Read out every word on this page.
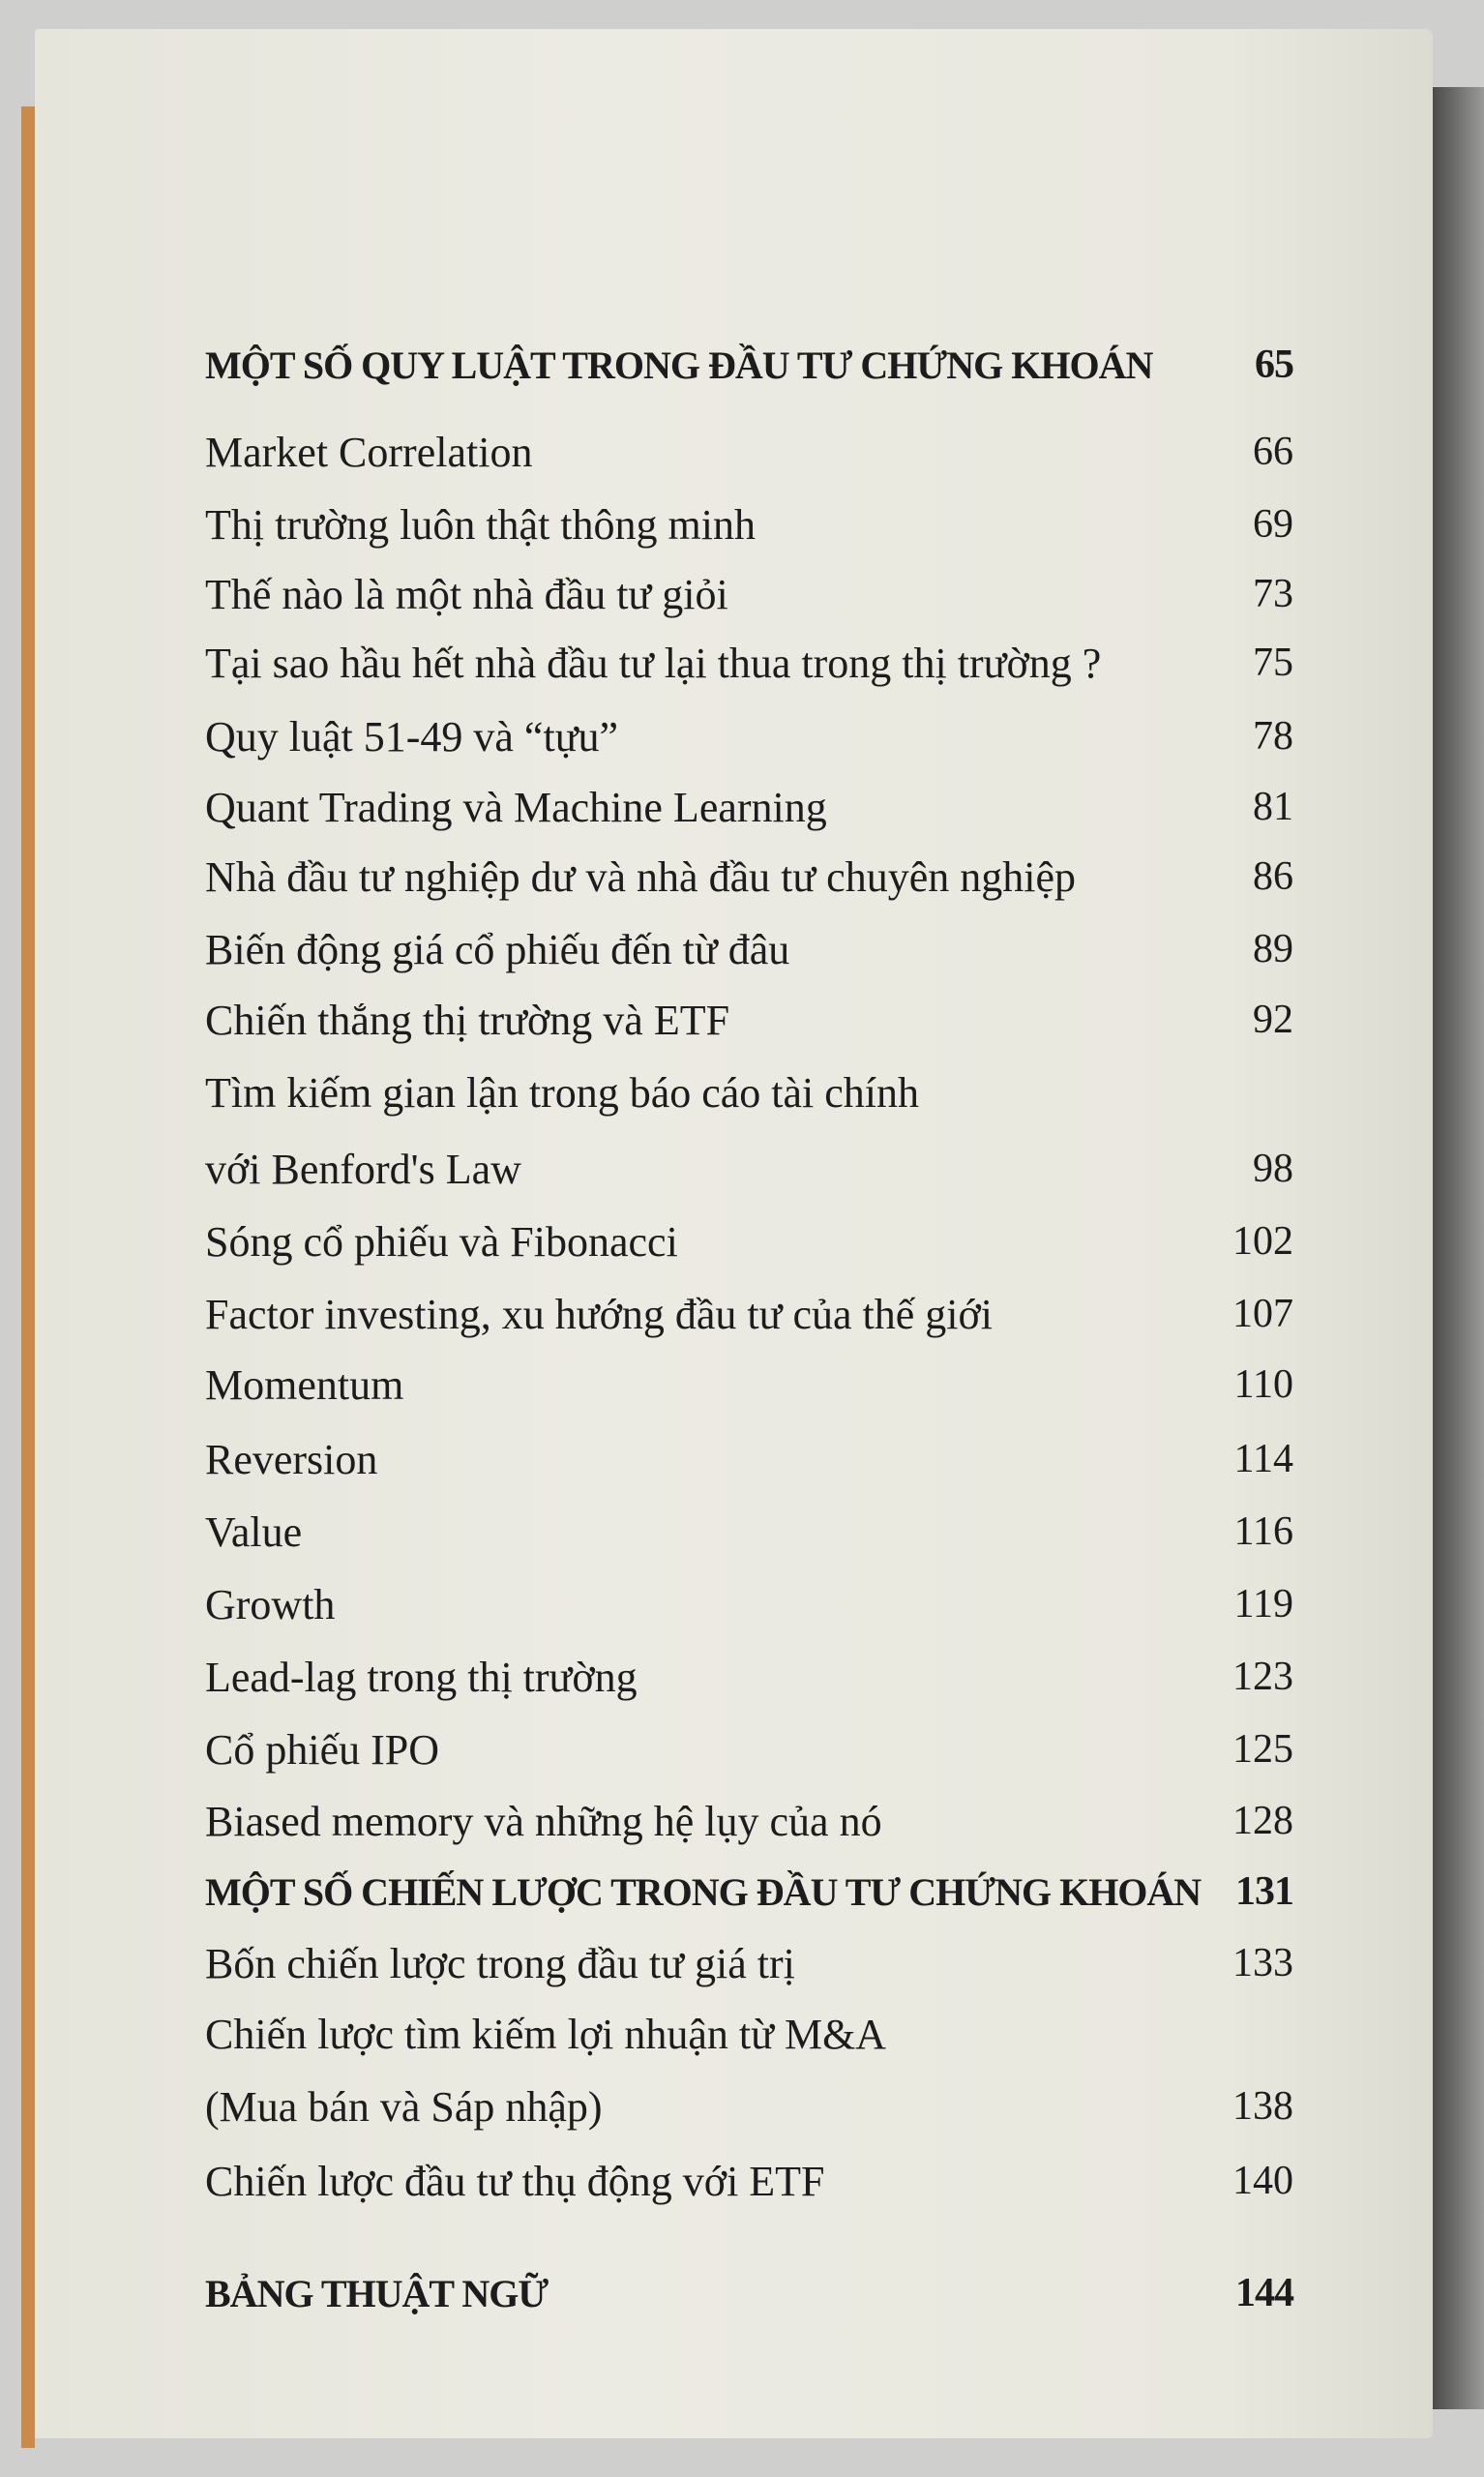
MỘT SỐ QUY LUẬT TRONG ĐẦU TƯ CHỨNG KHOÁN	65
Market Correlation	66
Thị trường luôn thật thông minh	69
Thế nào là một nhà đầu tư giỏi	73
Tại sao hầu hết nhà đầu tư lại thua trong thị trường ?	75
Quy luật 51-49 và “tựu”	78
Quant Trading và Machine Learning	81
Nhà đầu tư nghiệp dư và nhà đầu tư chuyên nghiệp	86
Biến động giá cổ phiếu đến từ đâu	89
Chiến thắng thị trường và ETF	92
Tìm kiếm gian lận trong báo cáo tài chính
với Benford's Law	98
Sóng cổ phiếu và Fibonacci	102
Factor investing, xu hướng đầu tư của thế giới	107
Momentum	110
Reversion	114
Value	116
Growth	119
Lead-lag trong thị trường	123
Cổ phiếu IPO	125
Biased memory và những hệ lụy của nó	128
MỘT SỐ CHIẾN LƯỢC TRONG ĐẦU TƯ CHỨNG KHOÁN 131
Bốn chiến lược trong đầu tư giá trị	133
Chiến lược tìm kiếm lợi nhuận từ M&A
(Mua bán và Sáp nhập)	138
Chiến lược đầu tư thụ động với ETF	140
BẢNG THUẬT NGỮ	144
